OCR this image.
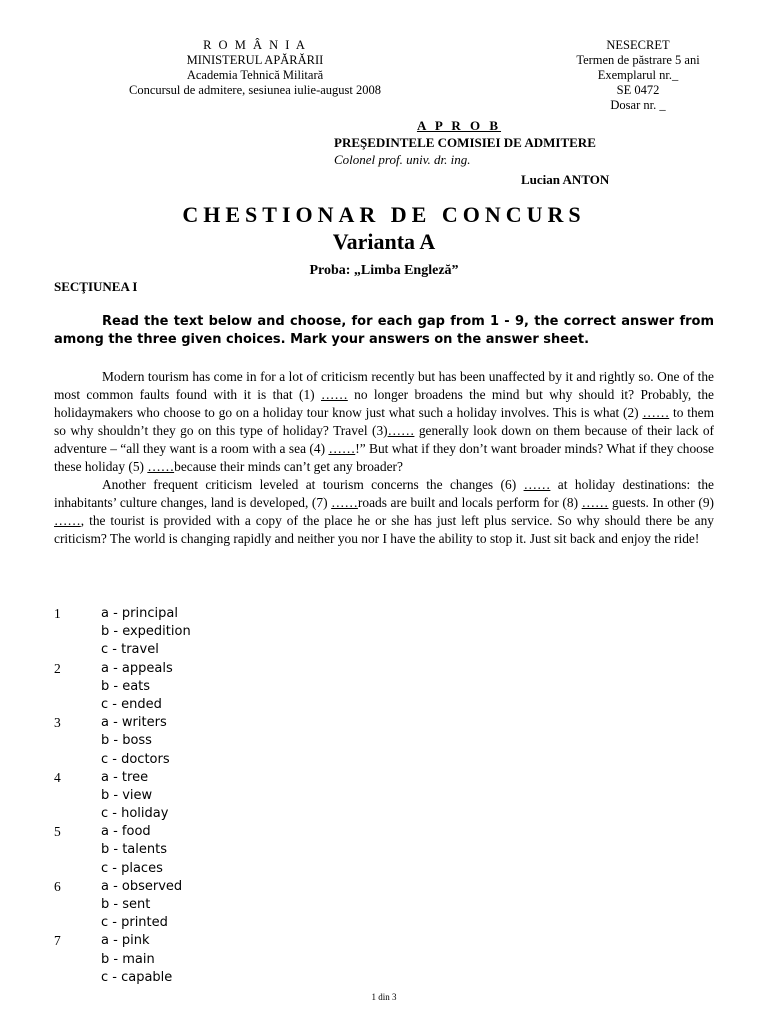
R O M Â N I A
MINISTERUL APĂRĂRII
Academia Tehnică Militară
Concursul de admitere, sesiunea iulie-august 2008
NESECRET
Termen de păstrare 5 ani
Exemplarul nr._
SE 0472
Dosar nr. _
A P R O B
PREŞEDINTELE COMISIEI DE ADMITERE
Colonel prof. univ. dr. ing.
Lucian ANTON
CHESTIONAR DE CONCURS
Varianta A
Proba: „Limba Engleză”
SECŢIUNEA I
Read the text below and choose, for each gap from 1 - 9, the correct answer from among the three given choices. Mark your answers on the answer sheet.

Modern tourism has come in for a lot of criticism recently but has been unaffected by it and rightly so. One of the most common faults found with it is that (1) …… no longer broadens the mind but why should it? Probably, the holidaymakers who choose to go on a holiday tour know just what such a holiday involves. This is what (2) …… to them so why shouldn’t they go on this type of holiday? Travel (3)…… generally look down on them because of their lack of adventure – “all they want is a room with a sea (4) ……!” But what if they don’t want broader minds? What if they choose these holiday (5) ……because their minds can’t get any broader?

Another frequent criticism leveled at tourism concerns the changes (6) …… at holiday destinations: the inhabitants’ culture changes, land is developed, (7) ……roads are built and locals perform for (8) …… guests. In other (9) ……, the tourist is provided with a copy of the place he or she has just left plus service. So why should there be any criticism? The world is changing rapidly and neither you nor I have the ability to stop it. Just sit back and enjoy the ride!

1	a - principal
b - expedition
c - travel
2	a - appeals
b - eats
c - ended
3	a - writers
b - boss
c - doctors
4	a - tree
b - view
c - holiday
5	a - food
b - talents
c - places
6	a - observed
b - sent
c - printed
7	a - pink
b - main
c - capable
1 din 3
